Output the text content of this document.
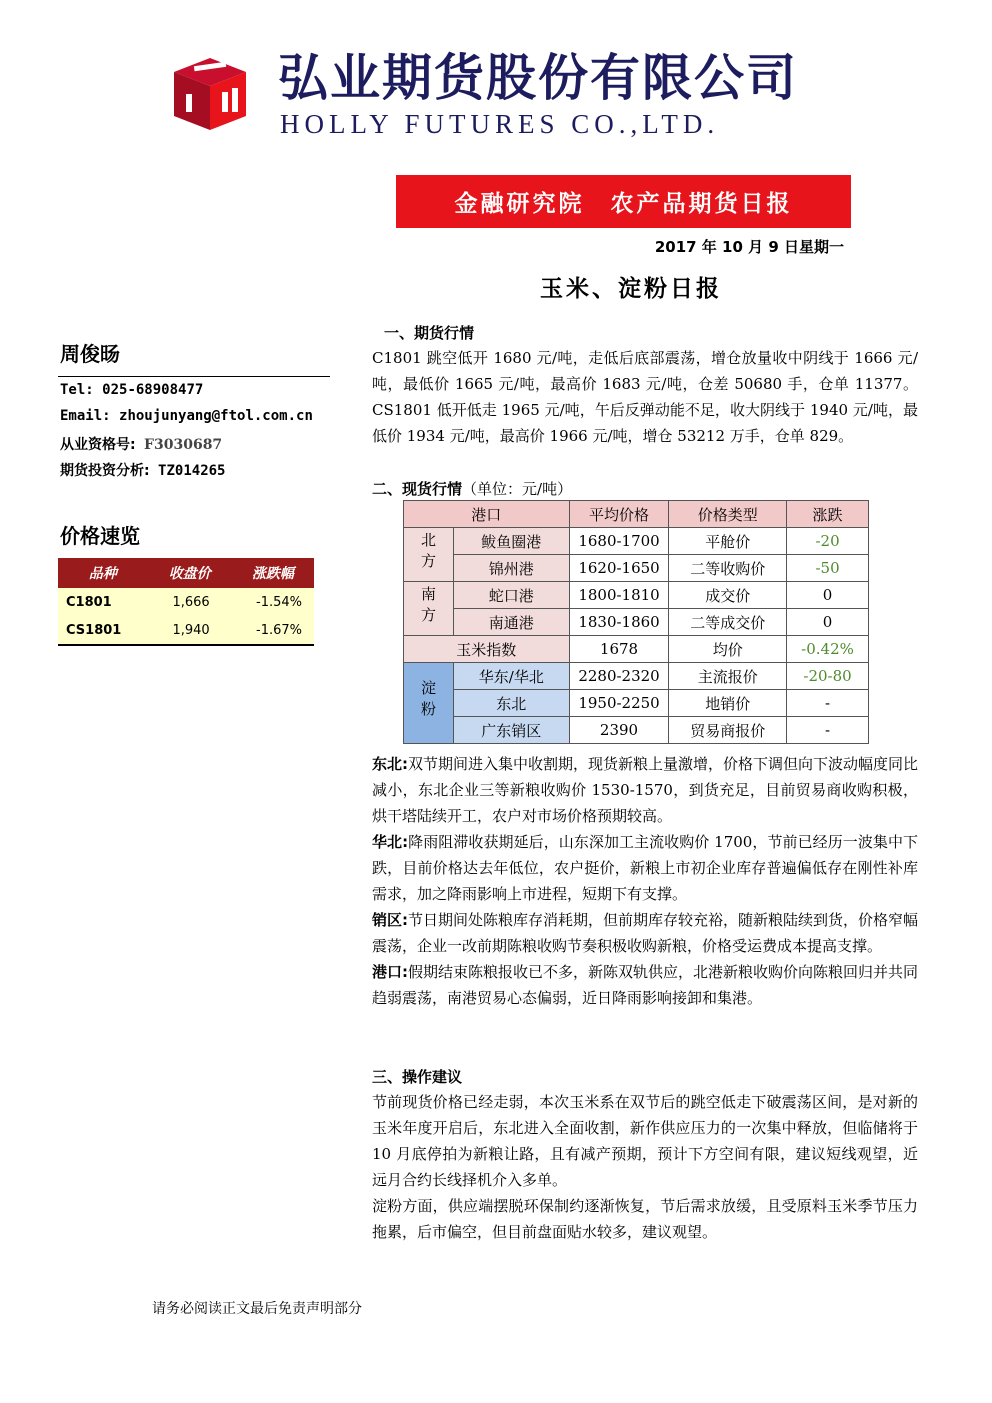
弘业期货股份有限公司
HOLLY FUTURES CO.,LTD.
金融研究院　农产品期货日报
2017 年 10 月 9 日星期一
玉米、淀粉日报
周俊旸
Tel: 025-68908477
Email: zhoujunyang@ftol.com.cn
从业资格号: F3030687
期货投资分析: TZ014265
价格速览
品种	收盘价	涨跌幅
C1801	1,666	-1.54%
CS1801	1,940	-1.67%
一、期货行情
C1801 跳空低开 1680 元/吨，走低后底部震荡，增仓放量收中阴线于 1666 元/吨，最低价 1665 元/吨，最高价 1683 元/吨，仓差 50680 手，仓单 11377。CS1801 低开低走 1965 元/吨，午后反弹动能不足，收大阴线于 1940 元/吨，最低价 1934 元/吨，最高价 1966 元/吨，增仓 53212 万手，仓单 829。
二、现货行情（单位：元/吨）
港口		平均价格	价格类型	涨跌
北方	鲅鱼圈港	1680-1700	平舱价	-20
	锦州港	1620-1650	二等收购价	-50
南方	蛇口港	1800-1810	成交价	0
	南通港	1830-1860	二等成交价	0
玉米指数		1678	均价	-0.42%
淀粉	华东/华北	2280-2320	主流报价	-20-80
	东北	1950-2250	地销价	-
	广东销区	2390	贸易商报价	-
东北:双节期间进入集中收割期，现货新粮上量激增，价格下调但向下波动幅度同比减小，东北企业三等新粮收购价 1530-1570，到货充足，目前贸易商收购积极，烘干塔陆续开工，农户对市场价格预期较高。
华北:降雨阻滞收获期延后，山东深加工主流收购价 1700，节前已经历一波集中下跌，目前价格达去年低位，农户挺价，新粮上市初企业库存普遍偏低存在刚性补库需求，加之降雨影响上市进程，短期下有支撑。
销区:节日期间处陈粮库存消耗期，但前期库存较充裕，随新粮陆续到货，价格窄幅震荡，企业一改前期陈粮收购节奏积极收购新粮，价格受运费成本提高支撑。
港口:假期结束陈粮报收已不多，新陈双轨供应，北港新粮收购价向陈粮回归并共同趋弱震荡，南港贸易心态偏弱，近日降雨影响接卸和集港。
三、操作建议
节前现货价格已经走弱，本次玉米系在双节后的跳空低走下破震荡区间，是对新的玉米年度开启后，东北进入全面收割，新作供应压力的一次集中释放，但临储将于 10 月底停拍为新粮让路，且有减产预期，预计下方空间有限，建议短线观望，近远月合约长线择机介入多单。
淀粉方面，供应端摆脱环保制约逐渐恢复，节后需求放缓，且受原料玉米季节压力拖累，后市偏空，但目前盘面贴水较多，建议观望。
请务必阅读正文最后免责声明部分
